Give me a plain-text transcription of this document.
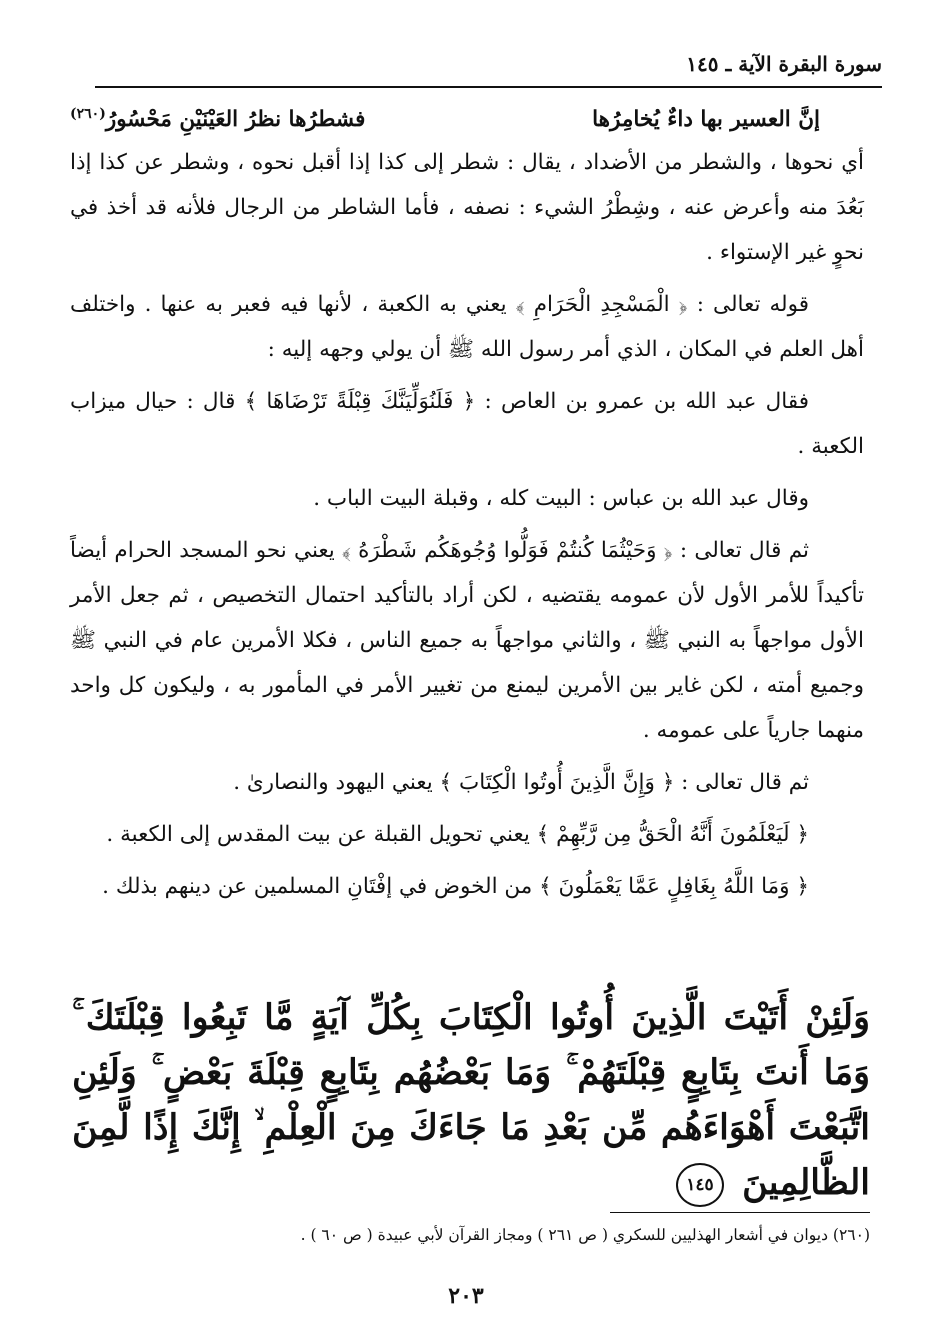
سورة البقرة الآية ـ ١٤٥
إنَّ العسير بها داءٌ يُخامِرُها
فشطرُها نظرُ العَيْنَيْنِ مَحْسُورُ$^{(٢٦٠)}$

أي نحوها ، والشطر من الأضداد ، يقال : شطر إلى كذا إذا أقبل نحوه ، وشطر عن كذا إذا بَعُدَ منه وأعرض عنه ، وشِطْرُ الشيء : نصفه ، فأما الشاطر من الرجال فلأنه قد أخذ في نحوٍ غير الإستواء .

قوله تعالى : ﴿ الْمَسْجِدِ الْحَرَامِ ﴾ يعني به الكعبة ، لأنها فيه فعبر به عنها . واختلف أهل العلم في المكان ، الذي أمر رسول الله ﷺ أن يولي وجهه إليه :

فقال عبد الله بن عمرو بن العاص : ﴿ فَلَنُوَلِّيَنَّكَ قِبْلَةً تَرْضَاهَا ﴾ قال : حيال ميزاب الكعبة .

وقال عبد الله بن عباس : البيت كله ، وقبلة البيت الباب .

ثم قال تعالى : ﴿ وَحَيْثُمَا كُنتُمْ فَوَلُّوا وُجُوهَكُم شَطْرَهُ ﴾ يعني نحو المسجد الحرام أيضاً تأكيداً للأمر الأول لأن عمومه يقتضيه ، لكن أراد بالتأكيد احتمال التخصيص ، ثم جعل الأمر الأول مواجهاً به النبي ﷺ ، والثاني مواجهاً به جميع الناس ، فكلا الأمرين عام في النبي ﷺ وجميع أمته ، لكن غاير بين الأمرين ليمنع من تغيير الأمر في المأمور به ، وليكون كل واحد منهما جارياً على عمومه .

ثم قال تعالى : ﴿ وَإِنَّ الَّذِينَ أُوتُوا الْكِتَابَ ﴾ يعني اليهود والنصارىٰ .

﴿ لَيَعْلَمُونَ أَنَّهُ الْحَقُّ مِن رَّبِّهِمْ ﴾ يعني تحويل القبلة عن بيت المقدس إلى الكعبة .

﴿ وَمَا اللَّهُ بِغَافِلٍ عَمَّا يَعْمَلُونَ ﴾ من الخوض في إفْتَانِ المسلمين عن دينهم بذلك .

وَلَئِنْ أَتَيْتَ الَّذِينَ أُوتُوا الْكِتَابَ بِكُلِّ آيَةٍ مَّا تَبِعُوا قِبْلَتَكَ ۚ وَمَا أَنتَ بِتَابِعٍ قِبْلَتَهُمْ ۚ وَمَا بَعْضُهُم بِتَابِعٍ قِبْلَةَ بَعْضٍ ۚ وَلَئِنِ اتَّبَعْتَ أَهْوَاءَهُم مِّن بَعْدِ مَا جَاءَكَ مِنَ الْعِلْمِ ۙ إِنَّكَ إِذًا لَّمِنَ الظَّالِمِينَ ١٤٥
(٢٦٠) ديوان في أشعار الهذليين للسكري ( ص ٢٦١ ) ومجاز القرآن لأبي عبيدة ( ص ٦٠ ) .
٢٠٣
